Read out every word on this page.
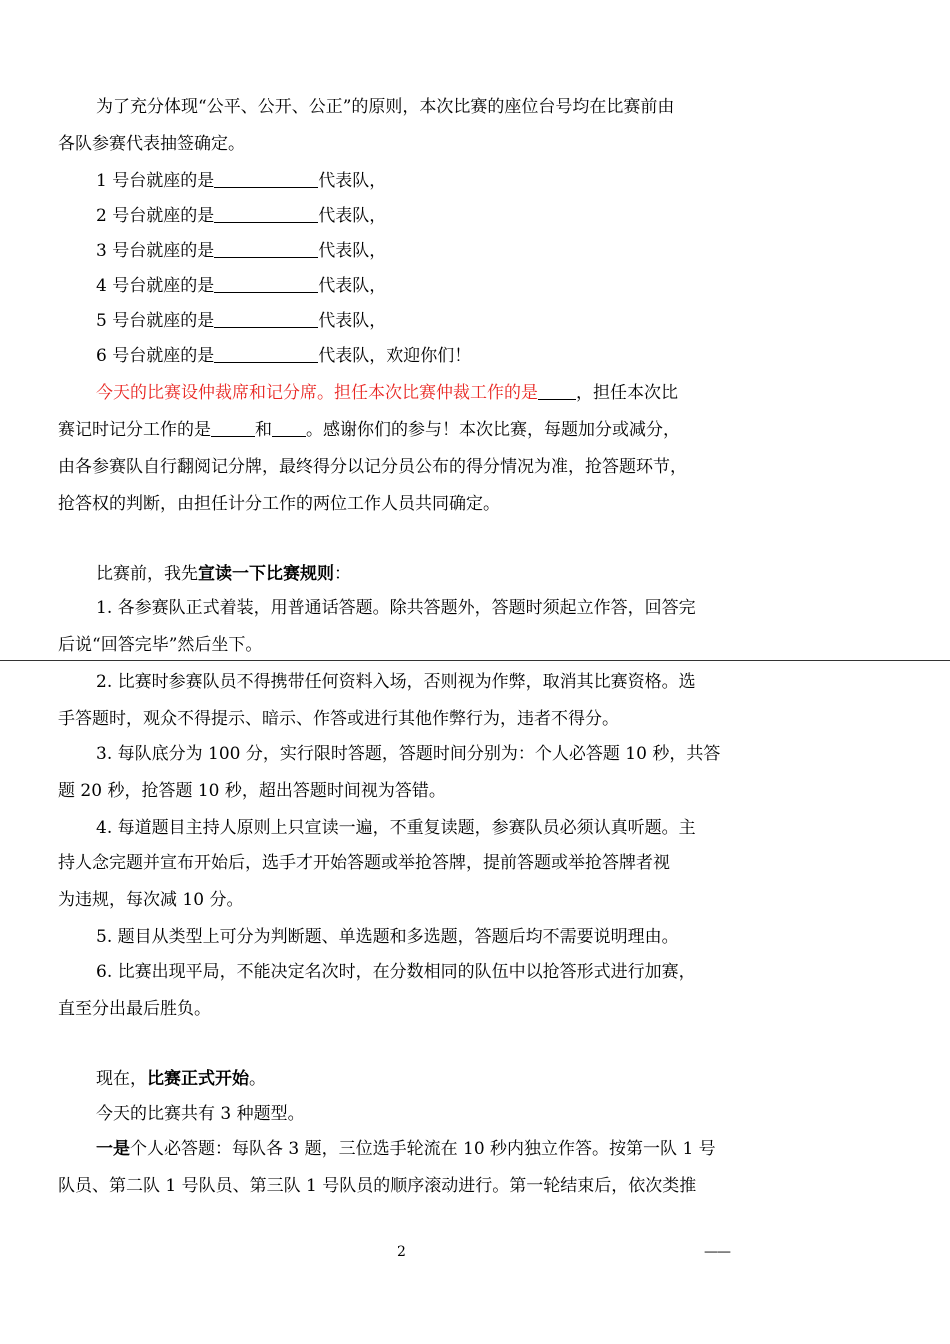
为了充分体现“公平、公开、公正”的原则，本次比赛的座位台号均在比赛前由
各队参赛代表抽签确定。
1 号台就座的是	代表队，
2 号台就座的是	代表队，
3 号台就座的是	代表队，
4 号台就座的是	代表队，
5 号台就座的是	代表队，
6 号台就座的是	代表队，欢迎你们！
今天的比赛设仲裁席和记分席。担任本次比赛仲裁工作的是 ，担任本次比
赛记时记分工作的是	和 。感谢你们的参与！本次比赛，每题加分或减分，
由各参赛队自行翻阅记分牌，最终得分以记分员公布的得分情况为准，抢答题环节，
抢答权的判断，由担任计分工作的两位工作人员共同确定。
比赛前，我先宣读一下比赛规则：
1. 各参赛队正式着装，用普通话答题。除共答题外，答题时须起立作答，回答完
后说“回答完毕”然后坐下。
2. 比赛时参赛队员不得携带任何资料入场，否则视为作弊，取消其比赛资格。选
手答题时，观众不得提示、暗示、作答或进行其他作弊行为，违者不得分。
3. 每队底分为 100 分，实行限时答题，答题时间分别为：个人必答题 10 秒，共答
题 20 秒，抢答题 10 秒，超出答题时间视为答错。
4. 每道题目主持人原则上只宣读一遍，不重复读题，参赛队员必须认真听题。主
持人念完题并宣布开始后，选手才开始答题或举抢答牌，提前答题或举抢答牌者视
为违规，每次减 10 分。
5. 题目从类型上可分为判断题、单选题和多选题，答题后均不需要说明理由。
6. 比赛出现平局，不能决定名次时，在分数相同的队伍中以抢答形式进行加赛，
直至分出最后胜负。
现在，比赛正式开始。
今天的比赛共有 3 种题型。
一是个人必答题：每队各 3 题，三位选手轮流在 10 秒内独立作答。按第一队 1 号
队员、第二队 1 号队员、第三队 1 号队员的顺序滚动进行。第一轮结束后，依次类推
2	——
